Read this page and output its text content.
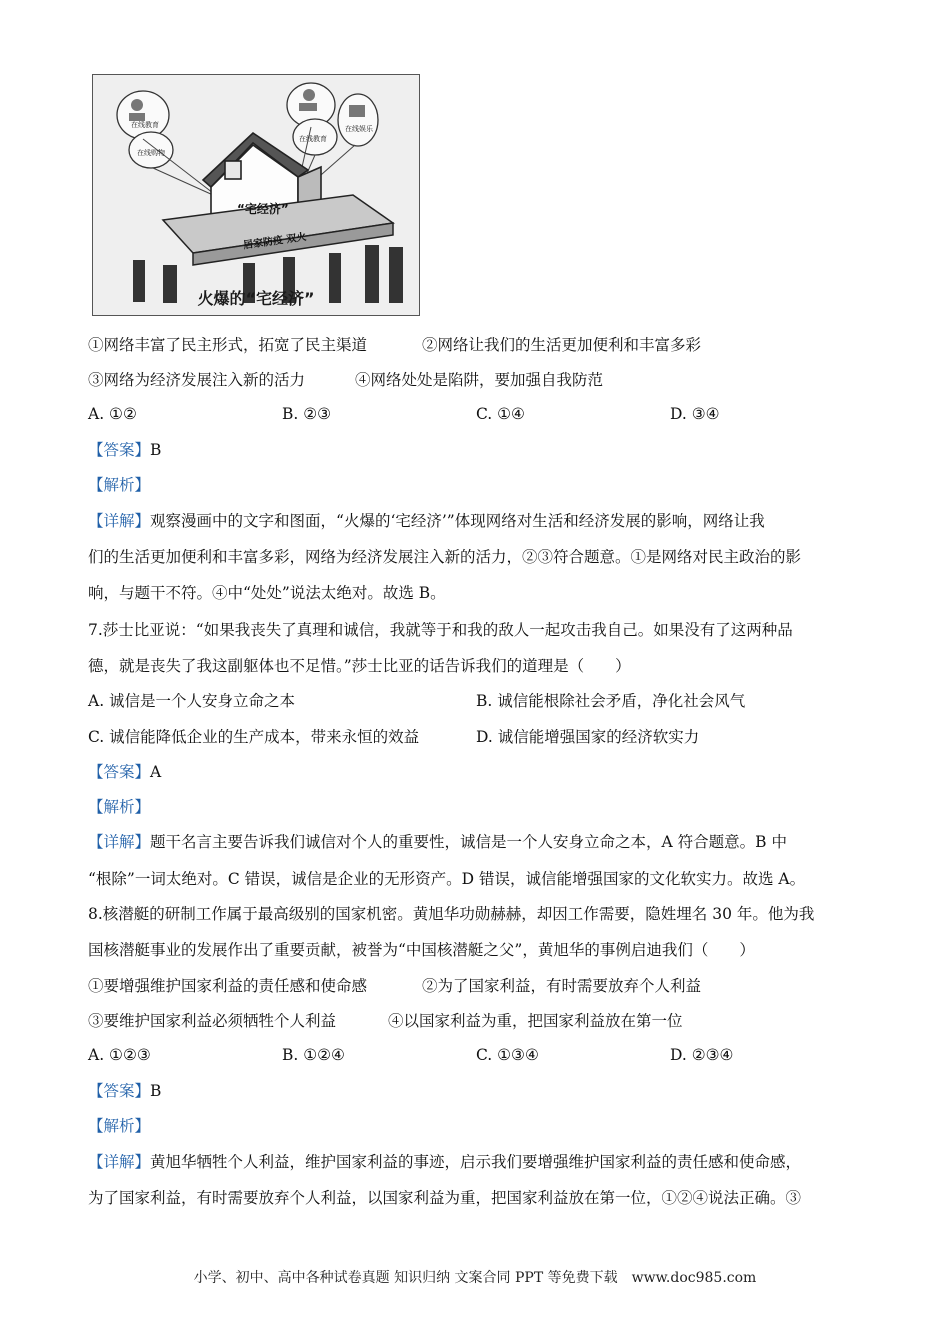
“宅经济”
居家防疫 双火
在线教育
在线购物
在线教育
在线娱乐
火爆的“宅经济”
①网络丰富了民主形式，拓宽了民主渠道	②网络让我们的生活更加便利和丰富多彩
③网络为经济发展注入新的活力	④网络处处是陷阱，要加强自我防范
A. ①②	B. ②③	C. ①④	D. ③④
【答案】B
【解析】
【详解】观察漫画中的文字和图面，“火爆的‘宅经济’”体现网络对生活和经济发展的影响，网络让我
们的生活更加便利和丰富多彩，网络为经济发展注入新的活力，②③符合题意。①是网络对民主政治的影
响，与题干不符。④中“处处”说法太绝对。故选 B。
7.莎士比亚说：“如果我丧失了真理和诚信，我就等于和我的敌人一起攻击我自己。如果没有了这两种品
德，就是丧失了我这副躯体也不足惜。”莎士比亚的话告诉我们的道理是（　　）
A. 诚信是一个人安身立命之本	B. 诚信能根除社会矛盾，净化社会风气
C. 诚信能降低企业的生产成本，带来永恒的效益	D. 诚信能增强国家的经济软实力
【答案】A
【解析】
【详解】题干名言主要告诉我们诚信对个人的重要性，诚信是一个人安身立命之本，A 符合题意。B 中
“根除”一词太绝对。C 错误，诚信是企业的无形资产。D 错误，诚信能增强国家的文化软实力。故选 A。
8.核潜艇的研制工作属于最高级别的国家机密。黄旭华功勋赫赫，却因工作需要，隐姓埋名 30 年。他为我
国核潜艇事业的发展作出了重要贡献，被誉为“中国核潜艇之父”，黄旭华的事例启迪我们（　　）
①要增强维护国家利益的责任感和使命感	②为了国家利益，有时需要放弃个人利益
③要维护国家利益必须牺牲个人利益	④以国家利益为重，把国家利益放在第一位
A. ①②③	B. ①②④	C. ①③④	D. ②③④
【答案】B
【解析】
【详解】黄旭华牺牲个人利益，维护国家利益的事迹，启示我们要增强维护国家利益的责任感和使命感，
为了国家利益，有时需要放弃个人利益，以国家利益为重，把国家利益放在第一位，①②④说法正确。③
小学、初中、高中各种试卷真题 知识归纳 文案合同 PPT 等免费下载　www.doc985.com
